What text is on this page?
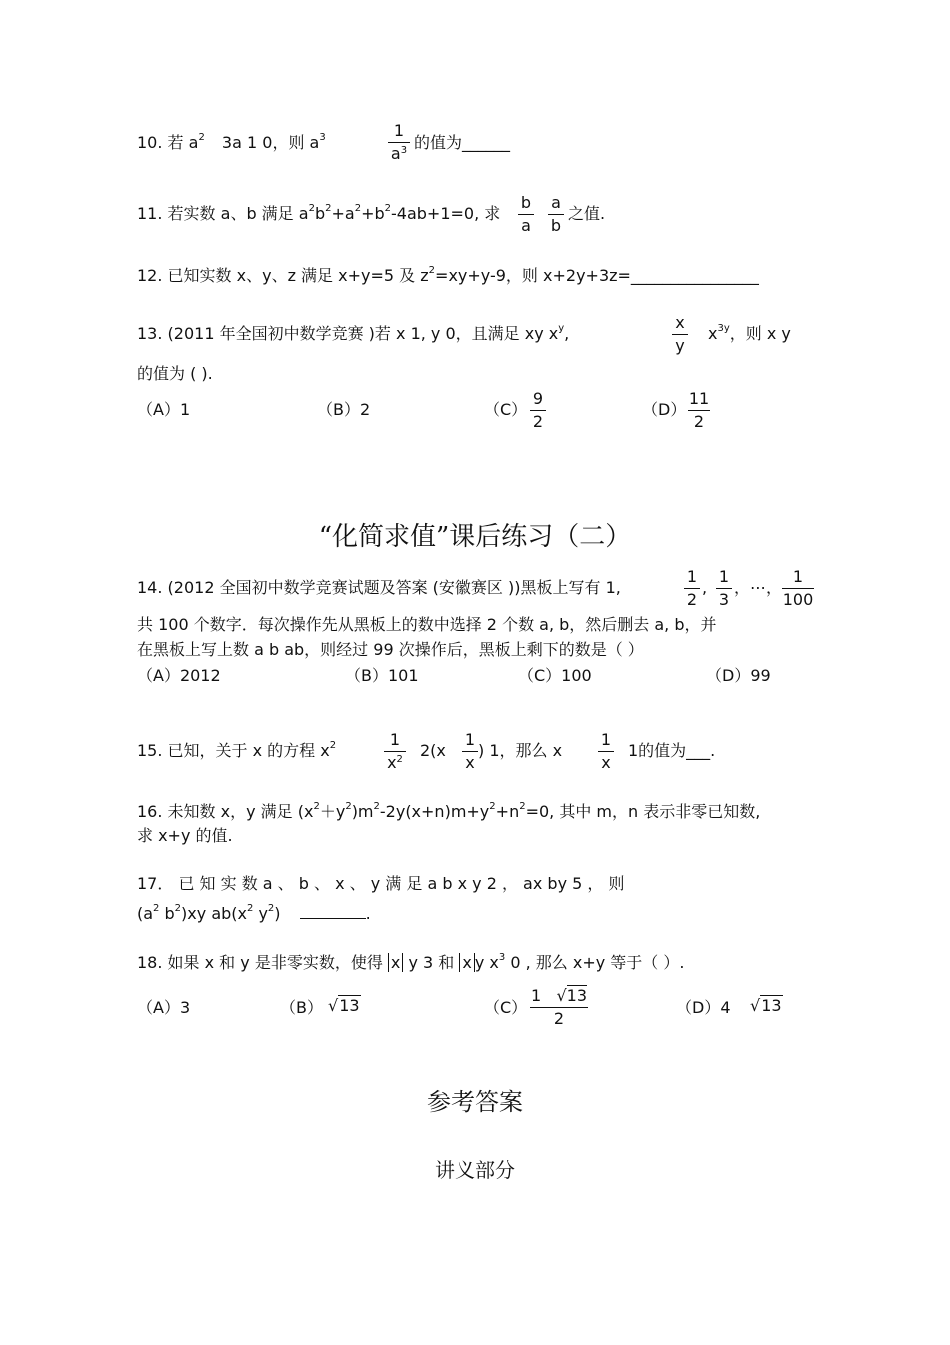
10. 若 $a^2$ 3a 1 0，则 $a^3$	1
$a^3$ 的值为______
11. 若实数 a、b 满足 $a^2b^2+a^2+b^2-4ab+1=0$, 求
b
a
a
b
之值.
12. 已知实数 x、y、z 满足 x+y=5 及 $z^2=xy+y-9$，则 x+2y+3z=________________
13. (2011 年全国初中数学竞赛 )若 x 1, y 0，且满足 xy $x^y$,
x
y
$x^{3y}$，则 x y
的值为 ( ).
（A）1	（B）2	（C）
9
2
（D）
11
2
“化简求值”课后练习（二）
14. (2012 全国初中数学竞赛试题及答案 (安徽赛区 ))黑板上写有 1,
1
2
,
1
3
，⋯，
1
100
共 100 个数字．每次操作先从黑板上的数中选择 2 个数 a, b，然后删去 a, b，并
在黑板上写上数 a b ab，则经过 99 次操作后，黑板上剩下的数是（ ）
（A）2012	（B）101	（C）100	（D）99
15. 已知，关于 x 的方程 $x^2$	1
$x^2$ 2(x
1
x
) 1，那么 x
1
x
1的值为___.
16. 未知数 x，y 满足 $(x^2+y^2)m^2-2y(x+n)m+y^2+n^2=0$, 其中 m，n 表示非零已知数,
求 x+y 的值.
17． 已 知 实 数 a 、 b 、 x 、 y 满 足 a b x y 2 ， ax by 5 ， 则
($a^2$ $b^2)xy$ $ab(x^2$ $y^2$)	.
18. 如果 x 和 y 是非零实数，使得 x y 3 和 x y $x^3$ 0 , 那么 x+y 等于（ ）.
（A）3	（B） √13	（C）
1   √13
2
（D）4 √13
参考答案
讲义部分
